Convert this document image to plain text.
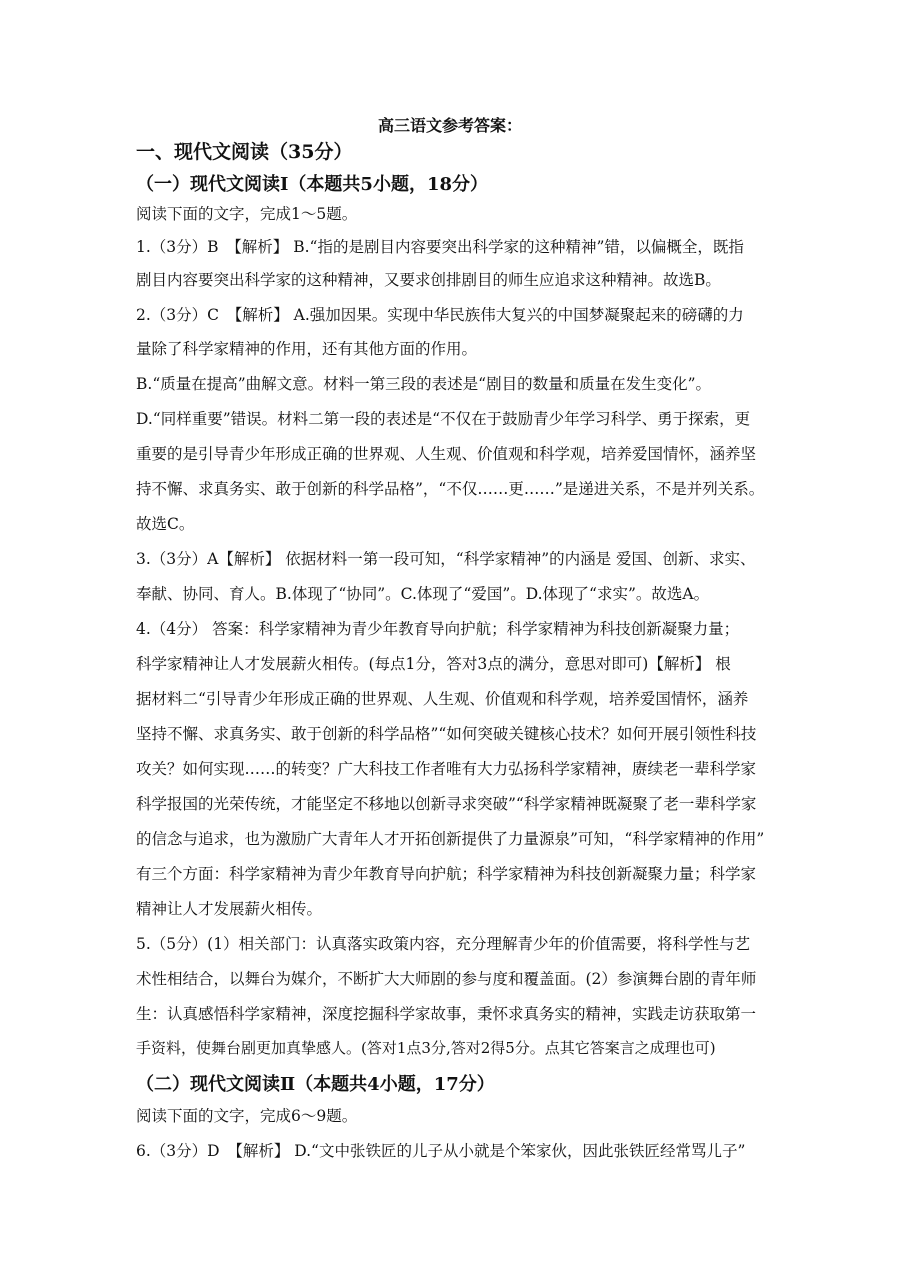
高三语文参考答案：
一、现代文阅读（35分）
（一）现代文阅读Ⅰ（本题共5小题，18分）
阅读下面的文字，完成1～5题。
1.（3分）B　【解析】 B.“指的是剧目内容要突出科学家的这种精神”错，以偏概全，既指
剧目内容要突出科学家的这种精神，又要求创排剧目的师生应追求这种精神。故选B。
2.（3分）C　【解析】 A.强加因果。实现中华民族伟大复兴的中国梦凝聚起来的磅礴的力
量除了科学家精神的作用，还有其他方面的作用。
B.“质量在提高”曲解文意。材料一第三段的表述是“剧目的数量和质量在发生变化”。
D.“同样重要”错误。材料二第一段的表述是“不仅在于鼓励青少年学习科学、勇于探索，更
重要的是引导青少年形成正确的世界观、人生观、价值观和科学观，培养爱国情怀，涵养坚
持不懈、求真务实、敢于创新的科学品格”，“不仅……更……”是递进关系，不是并列关系。
故选C。
3.（3分）A【解析】 依据材料一第一段可知，“科学家精神”的内涵是 爱国、创新、求实、
奉献、协同、育人。B.体现了“协同”。C.体现了“爱国”。D.体现了“求实”。故选A。
4.（4分） 答案：科学家精神为青少年教育导向护航；科学家精神为科技创新凝聚力量；
科学家精神让人才发展薪火相传。(每点1分，答对3点的满分，意思对即可)【解析】 根
据材料二“引导青少年形成正确的世界观、人生观、价值观和科学观，培养爱国情怀，涵养
坚持不懈、求真务实、敢于创新的科学品格”“如何突破关键核心技术？如何开展引领性科技
攻关？如何实现……的转变？广大科技工作者唯有大力弘扬科学家精神，赓续老一辈科学家
科学报国的光荣传统，才能坚定不移地以创新寻求突破”“科学家精神既凝聚了老一辈科学家
的信念与追求，也为激励广大青年人才开拓创新提供了力量源泉”可知，“科学家精神的作用”
有三个方面：科学家精神为青少年教育导向护航；科学家精神为科技创新凝聚力量；科学家
精神让人才发展薪火相传。
5.（5分）(1）相关部门：认真落实政策内容，充分理解青少年的价值需要，将科学性与艺
术性相结合，以舞台为媒介，不断扩大大师剧的参与度和覆盖面。(2）参演舞台剧的青年师
生：认真感悟科学家精神，深度挖掘科学家故事，秉怀求真务实的精神，实践走访获取第一
手资料，使舞台剧更加真挚感人。(答对1点3分,答对2得5分。点其它答案言之成理也可)
（二）现代文阅读Ⅱ（本题共4小题，17分）
阅读下面的文字，完成6～9题。
6.（3分）D　【解析】 D.“文中张铁匠的儿子从小就是个笨家伙，因此张铁匠经常骂儿子”
